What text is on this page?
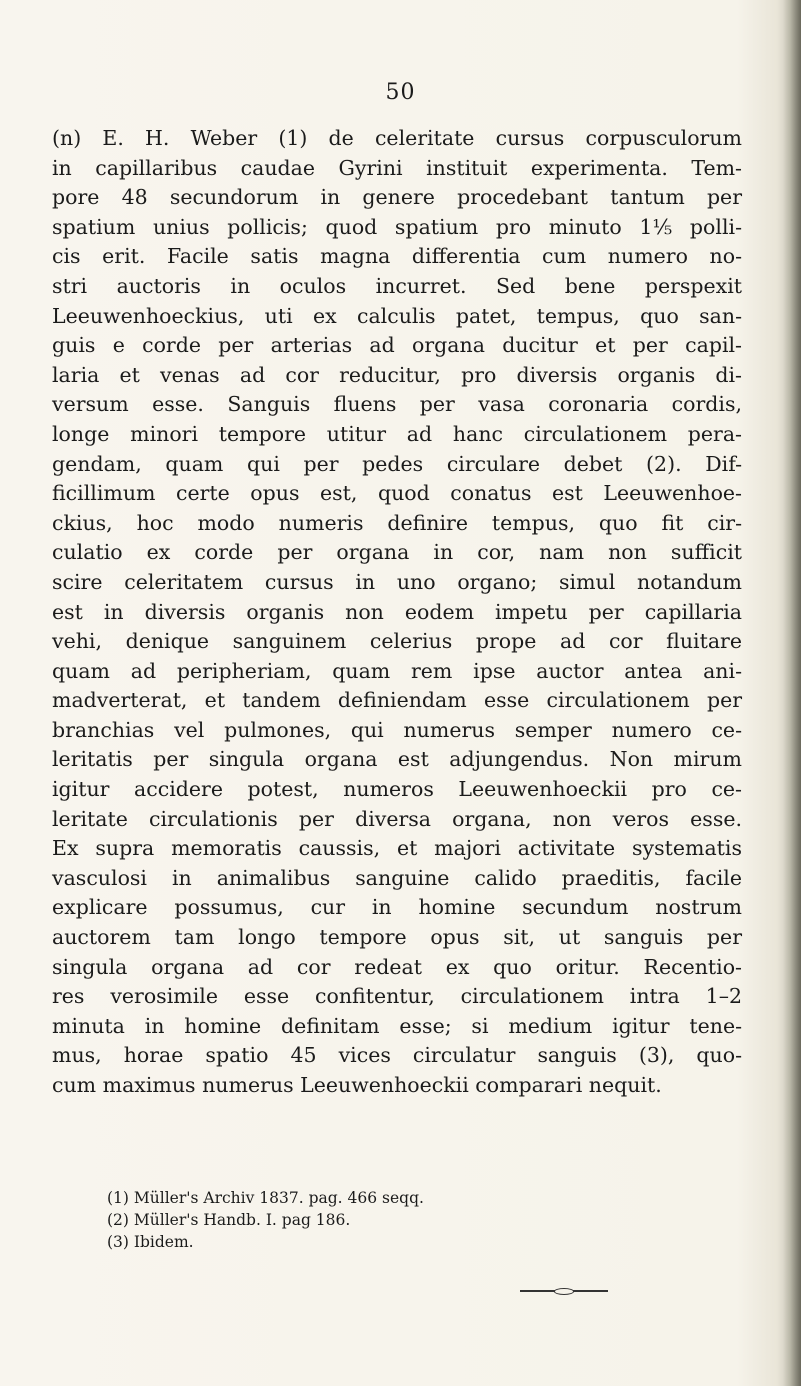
50
(n) E. H. Weber (1) de celeritate cursus corpusculorum
in capillaribus caudae Gyrini instituit experimenta. Tem-
pore 48 secundorum in genere procedebant tantum per
spatium unius pollicis; quod spatium pro minuto 1⅕ polli-
cis erit. Facile satis magna differentia cum numero no-
stri auctoris in oculos incurret. Sed bene perspexit
Leeuwenhoeckius, uti ex calculis patet, tempus, quo san-
guis e corde per arterias ad organa ducitur et per capil-
laria et venas ad cor reducitur, pro diversis organis di-
versum esse. Sanguis fluens per vasa coronaria cordis,
longe minori tempore utitur ad hanc circulationem pera-
gendam, quam qui per pedes circulare debet (2). Dif-
ficillimum certe opus est, quod conatus est Leeuwenhoe-
ckius, hoc modo numeris definire tempus, quo fit cir-
culatio ex corde per organa in cor, nam non sufficit
scire celeritatem cursus in uno organo; simul notandum
est in diversis organis non eodem impetu per capillaria
vehi, denique sanguinem celerius prope ad cor fluitare
quam ad peripheriam, quam rem ipse auctor antea ani-
madverterat, et tandem definiendam esse circulationem per
branchias vel pulmones, qui numerus semper numero ce-
leritatis per singula organa est adjungendus. Non mirum
igitur accidere potest, numeros Leeuwenhoeckii pro ce-
leritate circulationis per diversa organa, non veros esse.
Ex supra memoratis caussis, et majori activitate systematis
vasculosi in animalibus sanguine calido praeditis, facile
explicare possumus, cur in homine secundum nostrum
auctorem tam longo tempore opus sit, ut sanguis per
singula organa ad cor redeat ex quo oritur. Recentio-
res verosimile esse confitentur, circulationem intra 1–2
minuta in homine definitam esse; si medium igitur tene-
mus, horae spatio 45 vices circulatur sanguis (3), quo-
cum maximus numerus Leeuwenhoeckii comparari nequit.
(1) Müller's Archiv 1837. pag. 466 seqq.
(2) Müller's Handb. I. pag 186.
(3) Ibidem.
